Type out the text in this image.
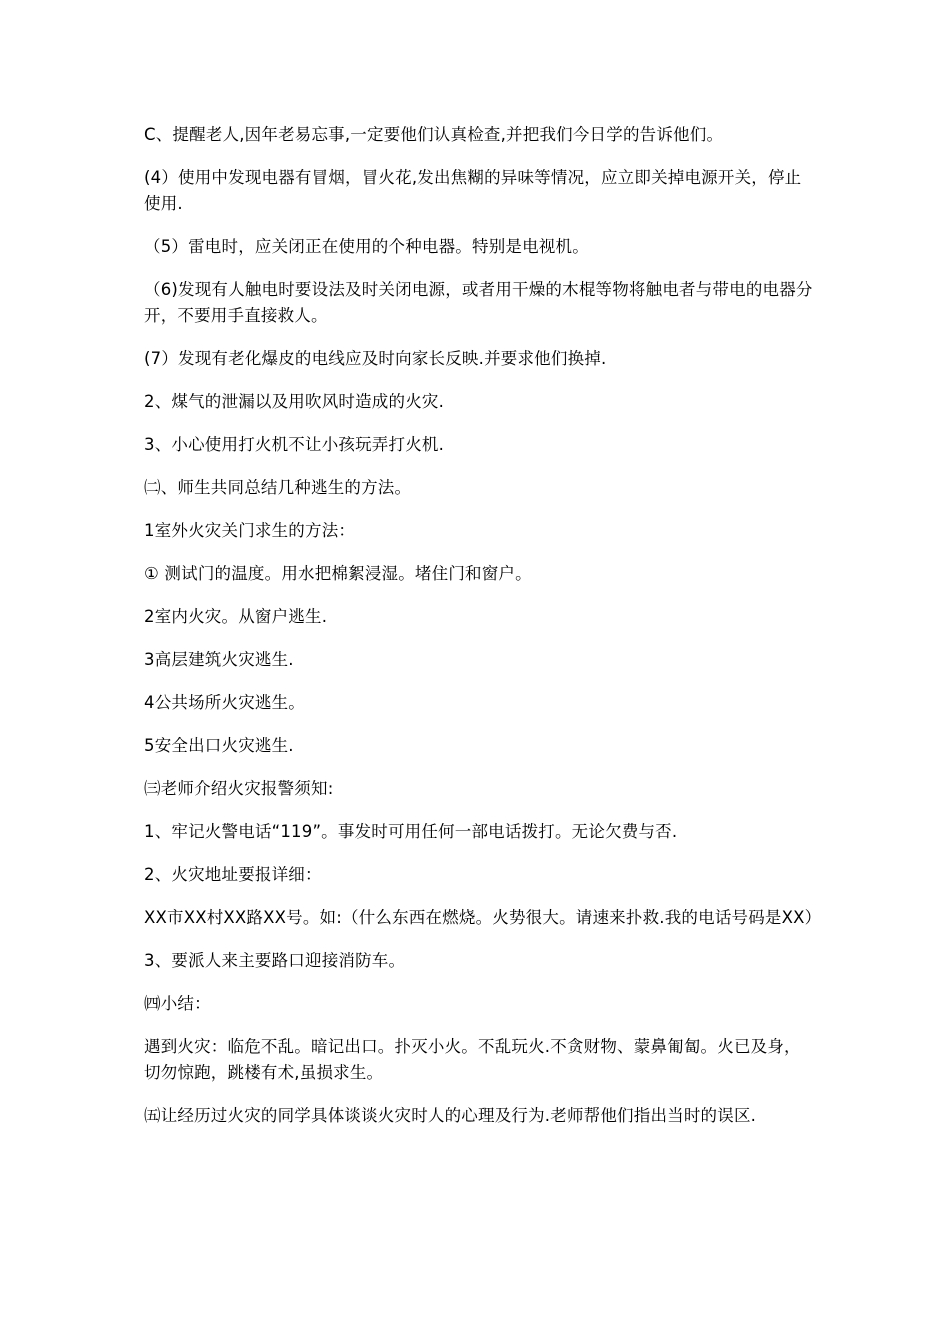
C、提醒老人,因年老易忘事,一定要他们认真检查,并把我们今日学的告诉他们。

(4）使用中发现电器有冒烟，冒火花,发出焦糊的异味等情况，应立即关掉电源开关，停止使用.

（5）雷电时，应关闭正在使用的个种电器。特别是电视机。

（6)发现有人触电时要设法及时关闭电源，或者用干燥的木棍等物将触电者与带电的电器分开，不要用手直接救人。

(7）发现有老化爆皮的电线应及时向家长反映.并要求他们换掉.

2、煤气的泄漏以及用吹风时造成的火灾.

3、小心使用打火机不让小孩玩弄打火机.

㈡、师生共同总结几种逃生的方法。

1室外火灾关门求生的方法：

① 测试门的温度。用水把棉絮浸湿。堵住门和窗户。

2室内火灾。从窗户逃生.

3高层建筑火灾逃生.

4公共场所火灾逃生。

5安全出口火灾逃生.

㈢老师介绍火灾报警须知:

1、牢记火警电话“119”。事发时可用任何一部电话拨打。无论欠费与否.

2、火灾地址要报详细：

XX市XX村XX路XX号。如:（什么东西在燃烧。火势很大。请速来扑救.我的电话号码是XX）

3、要派人来主要路口迎接消防车。

㈣小结：

遇到火灾：临危不乱。暗记出口。扑灭小火。不乱玩火.不贪财物、蒙鼻匍匐。火已及身，切勿惊跑，跳楼有术,虽损求生。

㈤让经历过火灾的同学具体谈谈火灾时人的心理及行为.老师帮他们指出当时的误区.
